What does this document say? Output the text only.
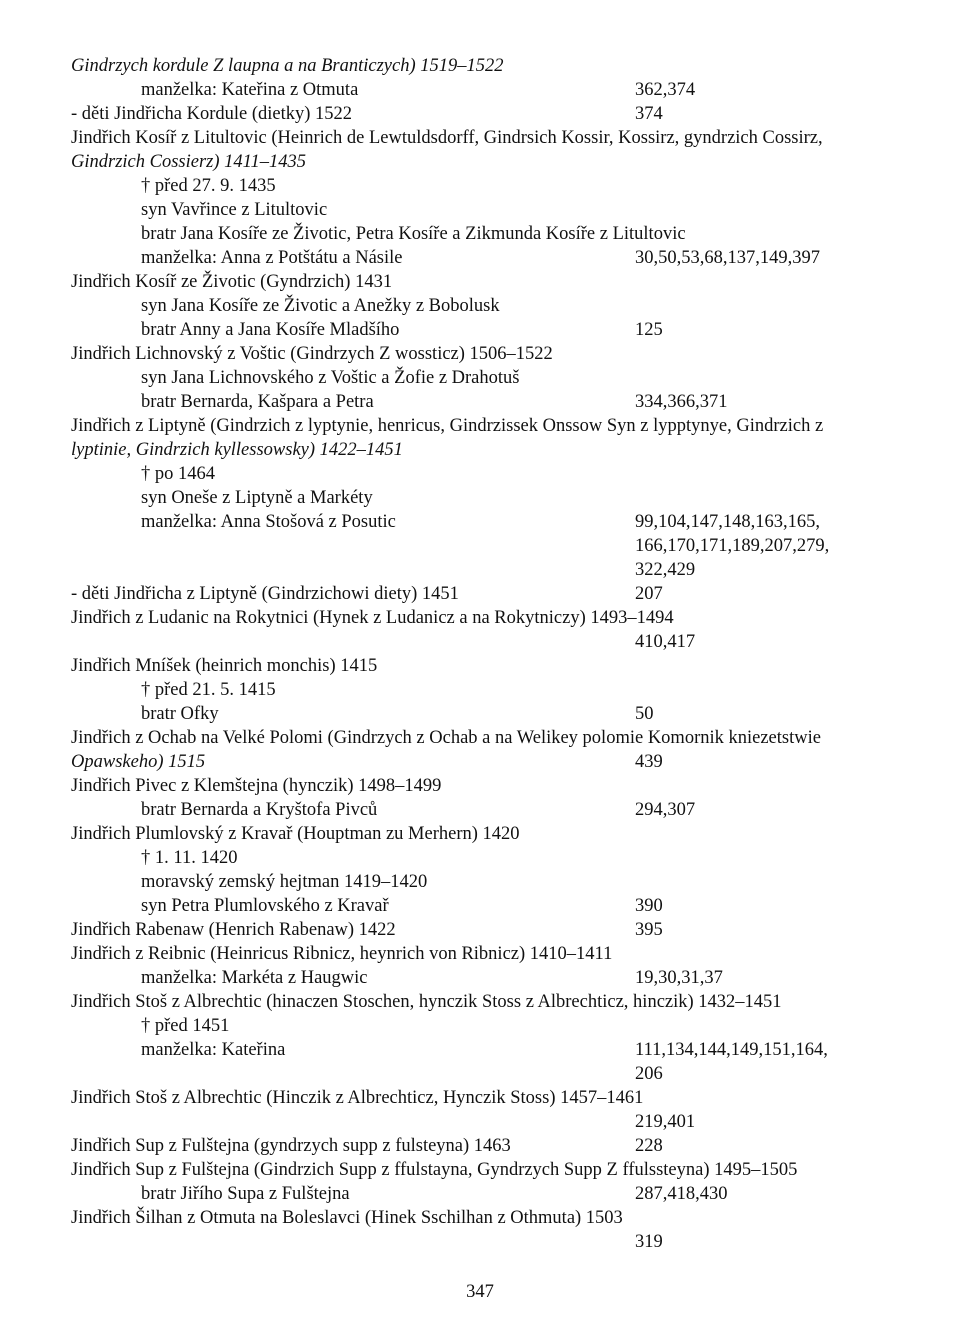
Gindrzych kordule Z laupna a na Branticzych) 1519–1522
manželka: Kateřina z Otmuta	362,374
- děti Jindřicha Kordule (dietky) 1522	374
Jindřich Kosíř z Litultovic (Heinrich de Lewtuldsdorff, Gindrsich Kossir, Kossirz, gyndrzich Cossirz,
Gindrzich Cossierz) 1411–1435
† před 27. 9. 1435
syn Vavřince z Litultovic
bratr Jana Kosíře ze Životic, Petra Kosíře a Zikmunda Kosíře z Litultovic
manželka: Anna z Potštátu a Násile	30,50,53,68,137,149,397
Jindřich Kosíř ze Životic (Gyndrzich) 1431
syn Jana Kosíře ze Životic a Anežky z Bobolusk
bratr Anny a Jana Kosíře Mladšího	125
Jindřich Lichnovský z Voštic (Gindrzych Z wossticz) 1506–1522
syn Jana Lichnovského z Voštic a Žofie z Drahotuš
bratr Bernarda, Kašpara a Petra	334,366,371
Jindřich z Liptyně (Gindrzich z lyptynie, henricus, Gindrzissek Onssow Syn z lypptynye, Gindrzich z
lyptinie, Gindrzich kyllessowsky) 1422–1451
† po 1464
syn Oneše z Liptyně a Markéty
manželka: Anna Stošová z Posutic	99,104,147,148,163,165,
166,170,171,189,207,279,
322,429
- děti Jindřicha z Liptyně (Gindrzichowi diety) 1451	207
Jindřich z Ludanic na Rokytnici (Hynek z Ludanicz a na Rokytniczy) 1493–1494
410,417
Jindřich Mníšek (heinrich monchis) 1415
† před 21. 5. 1415
bratr Ofky	50
Jindřich z Ochab na Velké Polomi (Gindrzych z Ochab a na Welikey polomie Komornik kniezetstwie
Opawskeho) 1515	439
Jindřich Pivec z Klemštejna (hynczik) 1498–1499
bratr Bernarda a Kryštofa Pivců	294,307
Jindřich Plumlovský z Kravař (Houptman zu Merhern) 1420
† 1. 11. 1420
moravský zemský hejtman 1419–1420
syn Petra Plumlovského z Kravař	390
Jindřich Rabenaw (Henrich Rabenaw) 1422	395
Jindřich z Reibnic (Heinricus Ribnicz, heynrich von Ribnicz) 1410–1411
manželka: Markéta z Haugwic	19,30,31,37
Jindřich Stoš z Albrechtic (hinaczen Stoschen, hynczik Stoss z Albrechticz, hinczik) 1432–1451
† před 1451
manželka: Kateřina	111,134,144,149,151,164,
206
Jindřich Stoš z Albrechtic (Hinczik z Albrechticz, Hynczik Stoss) 1457–1461
219,401
Jindřich Sup z Fulštejna (gyndrzych supp z fulsteyna) 1463	228
Jindřich Sup z Fulštejna (Gindrzich Supp z ffulstayna, Gyndrzych Supp Z ffulssteyna) 1495–1505
bratr Jiřího Supa z Fulštejna	287,418,430
Jindřich Šilhan z Otmuta na Boleslavci (Hinek Sschilhan z Othmuta) 1503
319
347
